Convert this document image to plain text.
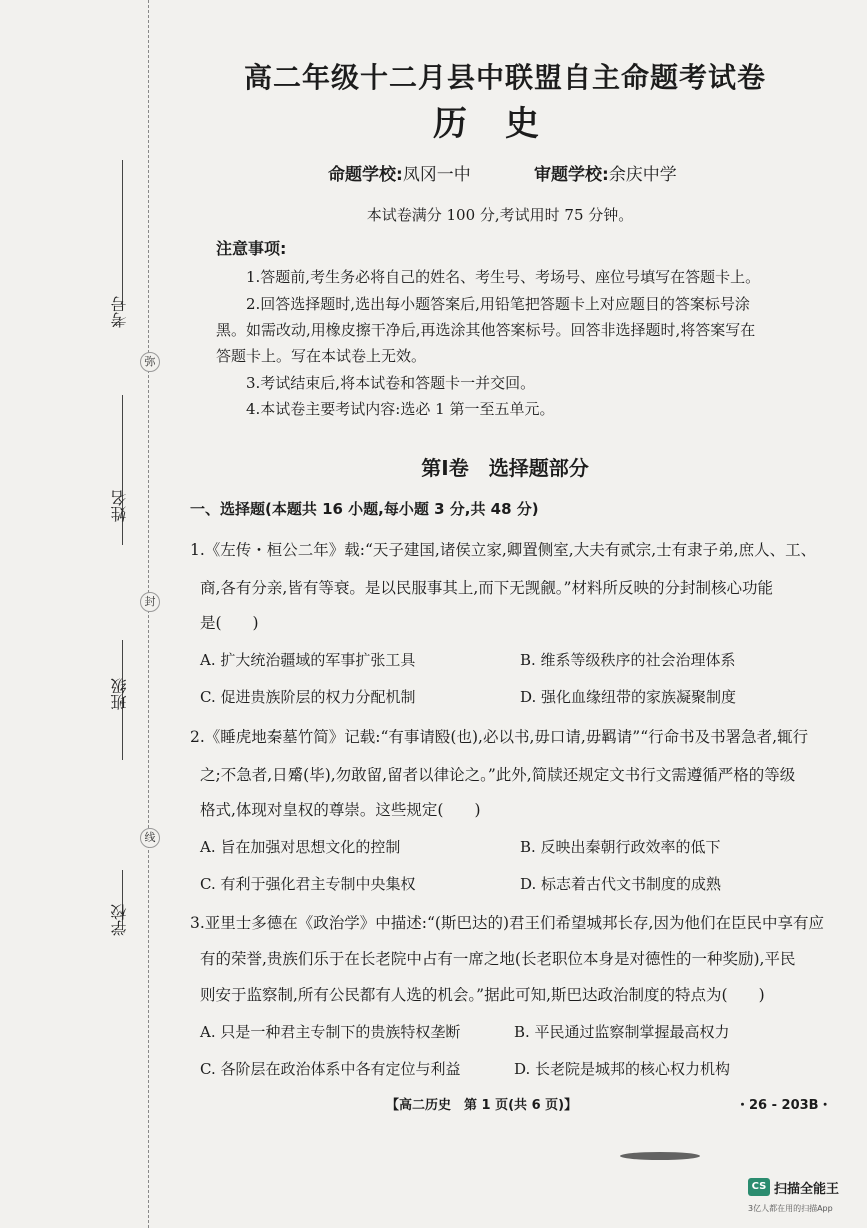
弥
封
线
考号
姓名
班级
学校
高二年级十二月县中联盟自主命题考试卷
历史
命题学校:凤冈一中	审题学校:余庆中学
本试卷满分 100 分,考试用时 75 分钟。
注意事项:
1.答题前,考生务必将自己的姓名、考生号、考场号、座位号填写在答题卡上。
2.回答选择题时,选出每小题答案后,用铅笔把答题卡上对应题目的答案标号涂
黑。如需改动,用橡皮擦干净后,再选涂其他答案标号。回答非选择题时,将答案写在
答题卡上。写在本试卷上无效。
3.考试结束后,将本试卷和答题卡一并交回。
4.本试卷主要考试内容:选必 1 第一至五单元。
第Ⅰ卷　选择题部分
一、选择题(本题共 16 小题,每小题 3 分,共 48 分)
1.《左传・桓公二年》载:“天子建国,诸侯立家,卿置侧室,大夫有贰宗,士有隶子弟,庶人、工、
商,各有分亲,皆有等衰。是以民服事其上,而下无觊觎。”材料所反映的分封制核心功能
是(　　)
A. 扩大统治疆域的军事扩张工具	B. 维系等级秩序的社会治理体系
C. 促进贵族阶层的权力分配机制	D. 强化血缘纽带的家族凝聚制度
2.《睡虎地秦墓竹简》记载:“有事请殹(也),必以书,毋口请,毋羁请”“行命书及书署急者,辄行
之;不急者,日觱(毕),勿敢留,留者以律论之。”此外,简牍还规定文书行文需遵循严格的等级
格式,体现对皇权的尊崇。这些规定(　　)
A. 旨在加强对思想文化的控制	B. 反映出秦朝行政效率的低下
C. 有利于强化君主专制中央集权	D. 标志着古代文书制度的成熟
3.亚里士多德在《政治学》中描述:“(斯巴达的)君王们希望城邦长存,因为他们在臣民中享有应
有的荣誉,贵族们乐于在长老院中占有一席之地(长老职位本身是对德性的一种奖励),平民
则安于监察制,所有公民都有人选的机会。”据此可知,斯巴达政治制度的特点为(　　)
A. 只是一种君主专制下的贵族特权垄断	B. 平民通过监察制掌握最高权力
C. 各阶层在政治体系中各有定位与利益	D. 长老院是城邦的核心权力机构
【高二历史　第 1 页(共 6 页)】	・26 - 203B・
CS 扫描全能王
3亿人都在用的扫描App
